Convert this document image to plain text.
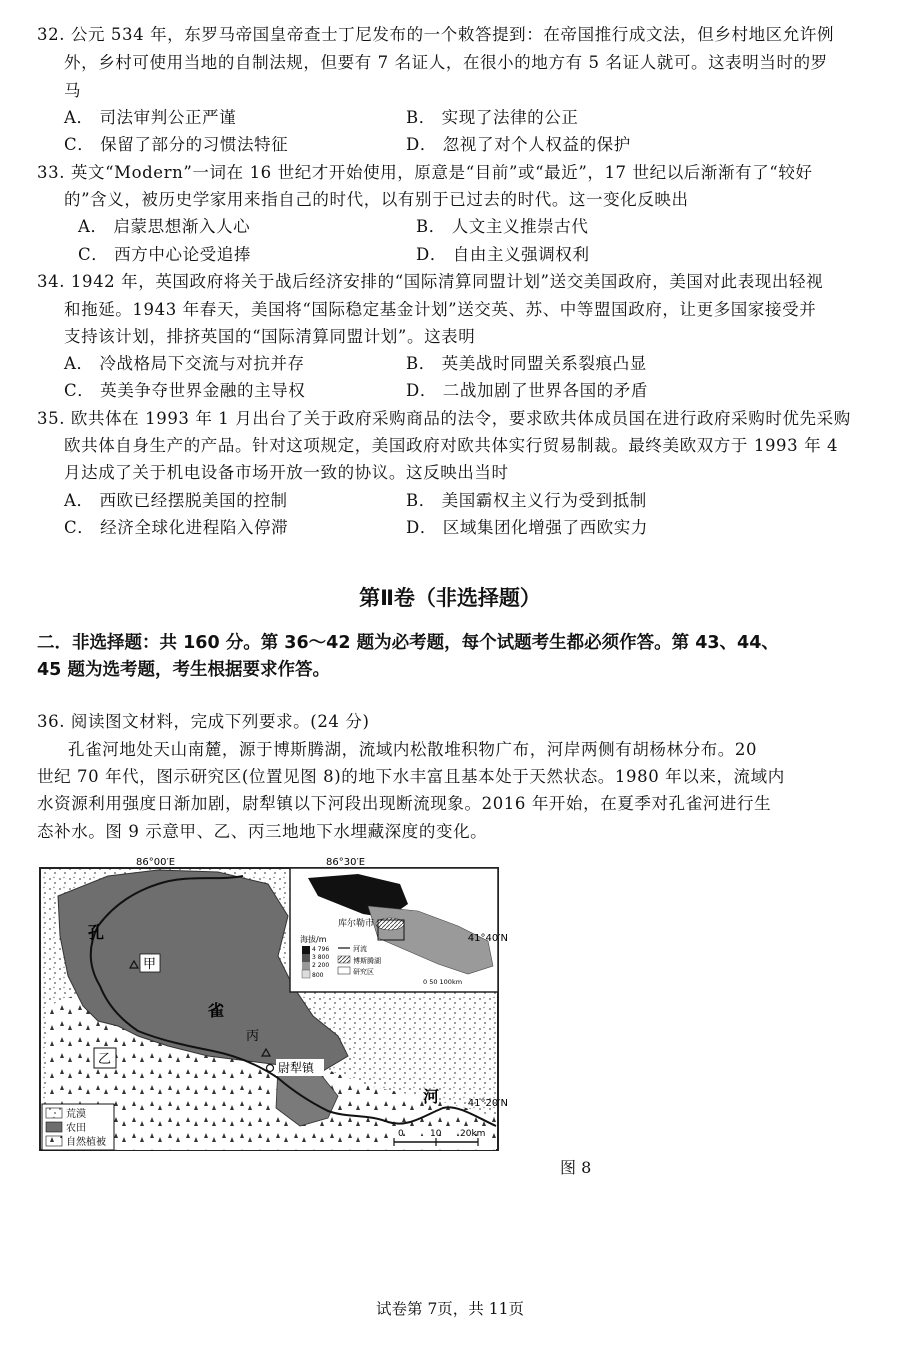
32. 公元 534 年，东罗马帝国皇帝查士丁尼发布的一个敕答提到：在帝国推行成文法，但乡村地区允许例
外，乡村可使用当地的自制法规，但要有 7 名证人，在很小的地方有 5 名证人就可。这表明当时的罗
马
A． 司法审判公正严谨	B． 实现了法律的公正
C． 保留了部分的习惯法特征	D． 忽视了对个人权益的保护
33. 英文“Modern”一词在 16 世纪才开始使用，原意是“目前”或“最近”，17 世纪以后渐渐有了“较好
的”含义，被历史学家用来指自己的时代，以有别于已过去的时代。这一变化反映出
A． 启蒙思想渐入人心	B． 人文主义推崇古代
C． 西方中心论受追捧	D． 自由主义强调权利
34. 1942 年，英国政府将关于战后经济安排的“国际清算同盟计划”送交美国政府，美国对此表现出轻视
和拖延。1943 年春天，美国将“国际稳定基金计划”送交英、苏、中等盟国政府，让更多国家接受并
支持该计划，排挤英国的“国际清算同盟计划”。这表明
A． 冷战格局下交流与对抗并存	B． 英美战时同盟关系裂痕凸显
C． 英美争夺世界金融的主导权	D． 二战加剧了世界各国的矛盾
35. 欧共体在 1993 年 1 月出台了关于政府采购商品的法令，要求欧共体成员国在进行政府采购时优先采购
欧共体自身生产的产品。针对这项规定，美国政府对欧共体实行贸易制裁。最终美欧双方于 1993 年 4
月达成了关于机电设备市场开放一致的协议。这反映出当时
A． 西欧已经摆脱美国的控制	B． 美国霸权主义行为受到抵制
C． 经济全球化进程陷入停滞	D． 区域集团化增强了西欧实力
第Ⅱ卷（非选择题）
二．非选择题：共 160 分。第 36～42 题为必考题，每个试题考生都必须作答。第 43、44、
45 题为选考题，考生根据要求作答。
36. 阅读图文材料，完成下列要求。(24 分)
孔雀河地处天山南麓，源于博斯腾湖，流域内松散堆积物广布，河岸两侧有胡杨林分布。20
世纪 70 年代，图示研究区(位置见图 8)的地下水丰富且基本处于天然状态。1980 年以来，流域内
水资源利用强度日渐加剧，尉犁镇以下河段出现断流现象。2016 年开始，在夏季对孔雀河进行生
态补水。图 9 示意甲、乙、丙三地地下水埋藏深度的变化。
库尔勒市
海拔/m
4 796
3 800
2 200
800
河流
博斯腾湖
研究区
0 50 100km
86°00′E	86°30′E
41°40′N
41°20′N
孔
雀
河
甲
乙
丙
尉犁镇
荒漠
农田
自然植被
0	10 20km
图 8
试卷第 7页，共 11页
